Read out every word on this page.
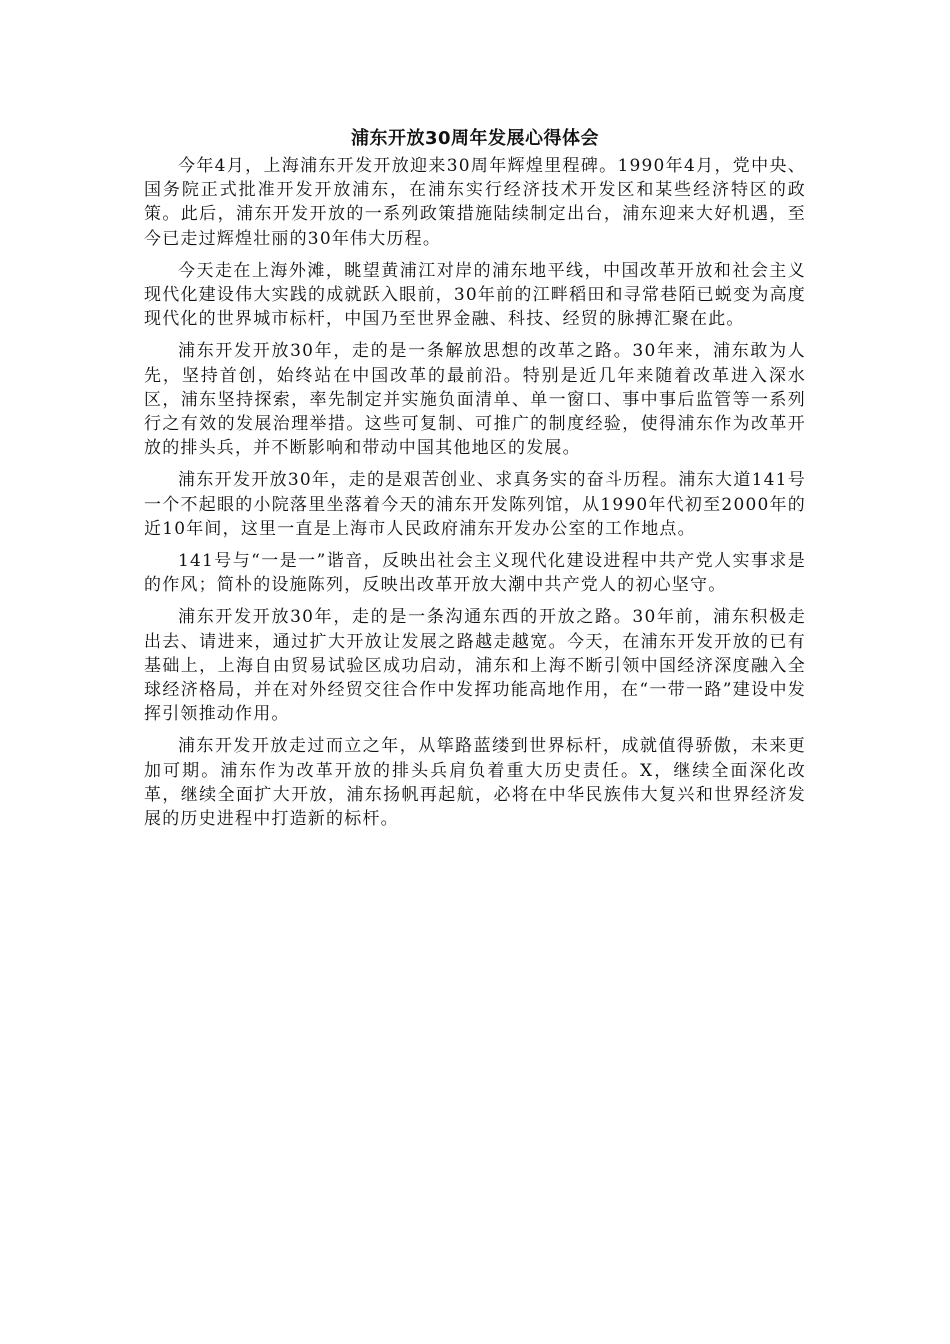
浦东开放30周年发展心得体会

今年4月，上海浦东开发开放迎来30周年辉煌里程碑。1990年4月，党中央、国务院正式批准开发开放浦东，在浦东实行经济技术开发区和某些经济特区的政策。此后，浦东开发开放的一系列政策措施陆续制定出台，浦东迎来大好机遇，至今已走过辉煌壮丽的30年伟大历程。

今天走在上海外滩，眺望黄浦江对岸的浦东地平线，中国改革开放和社会主义现代化建设伟大实践的成就跃入眼前，30年前的江畔稻田和寻常巷陌已蜕变为高度现代化的世界城市标杆，中国乃至世界金融、科技、经贸的脉搏汇聚在此。

浦东开发开放30年，走的是一条解放思想的改革之路。30年来，浦东敢为人先，坚持首创，始终站在中国改革的最前沿。特别是近几年来随着改革进入深水区，浦东坚持探索，率先制定并实施负面清单、单一窗口、事中事后监管等一系列行之有效的发展治理举措。这些可复制、可推广的制度经验，使得浦东作为改革开放的排头兵，并不断影响和带动中国其他地区的发展。

浦东开发开放30年，走的是艰苦创业、求真务实的奋斗历程。浦东大道141号一个不起眼的小院落里坐落着今天的浦东开发陈列馆，从1990年代初至2000年的近10年间，这里一直是上海市人民政府浦东开发办公室的工作地点。

141号与“一是一”谐音，反映出社会主义现代化建设进程中共产党人实事求是的作风；简朴的设施陈列，反映出改革开放大潮中共产党人的初心坚守。

浦东开发开放30年，走的是一条沟通东西的开放之路。30年前，浦东积极走出去、请进来，通过扩大开放让发展之路越走越宽。今天，在浦东开发开放的已有基础上，上海自由贸易试验区成功启动，浦东和上海不断引领中国经济深度融入全球经济格局，并在对外经贸交往合作中发挥功能高地作用，在“一带一路”建设中发挥引领推动作用。

浦东开发开放走过而立之年，从筚路蓝缕到世界标杆，成就值得骄傲，未来更加可期。浦东作为改革开放的排头兵肩负着重大历史责任。X，继续全面深化改革，继续全面扩大开放，浦东扬帆再起航，必将在中华民族伟大复兴和世界经济发展的历史进程中打造新的标杆。
